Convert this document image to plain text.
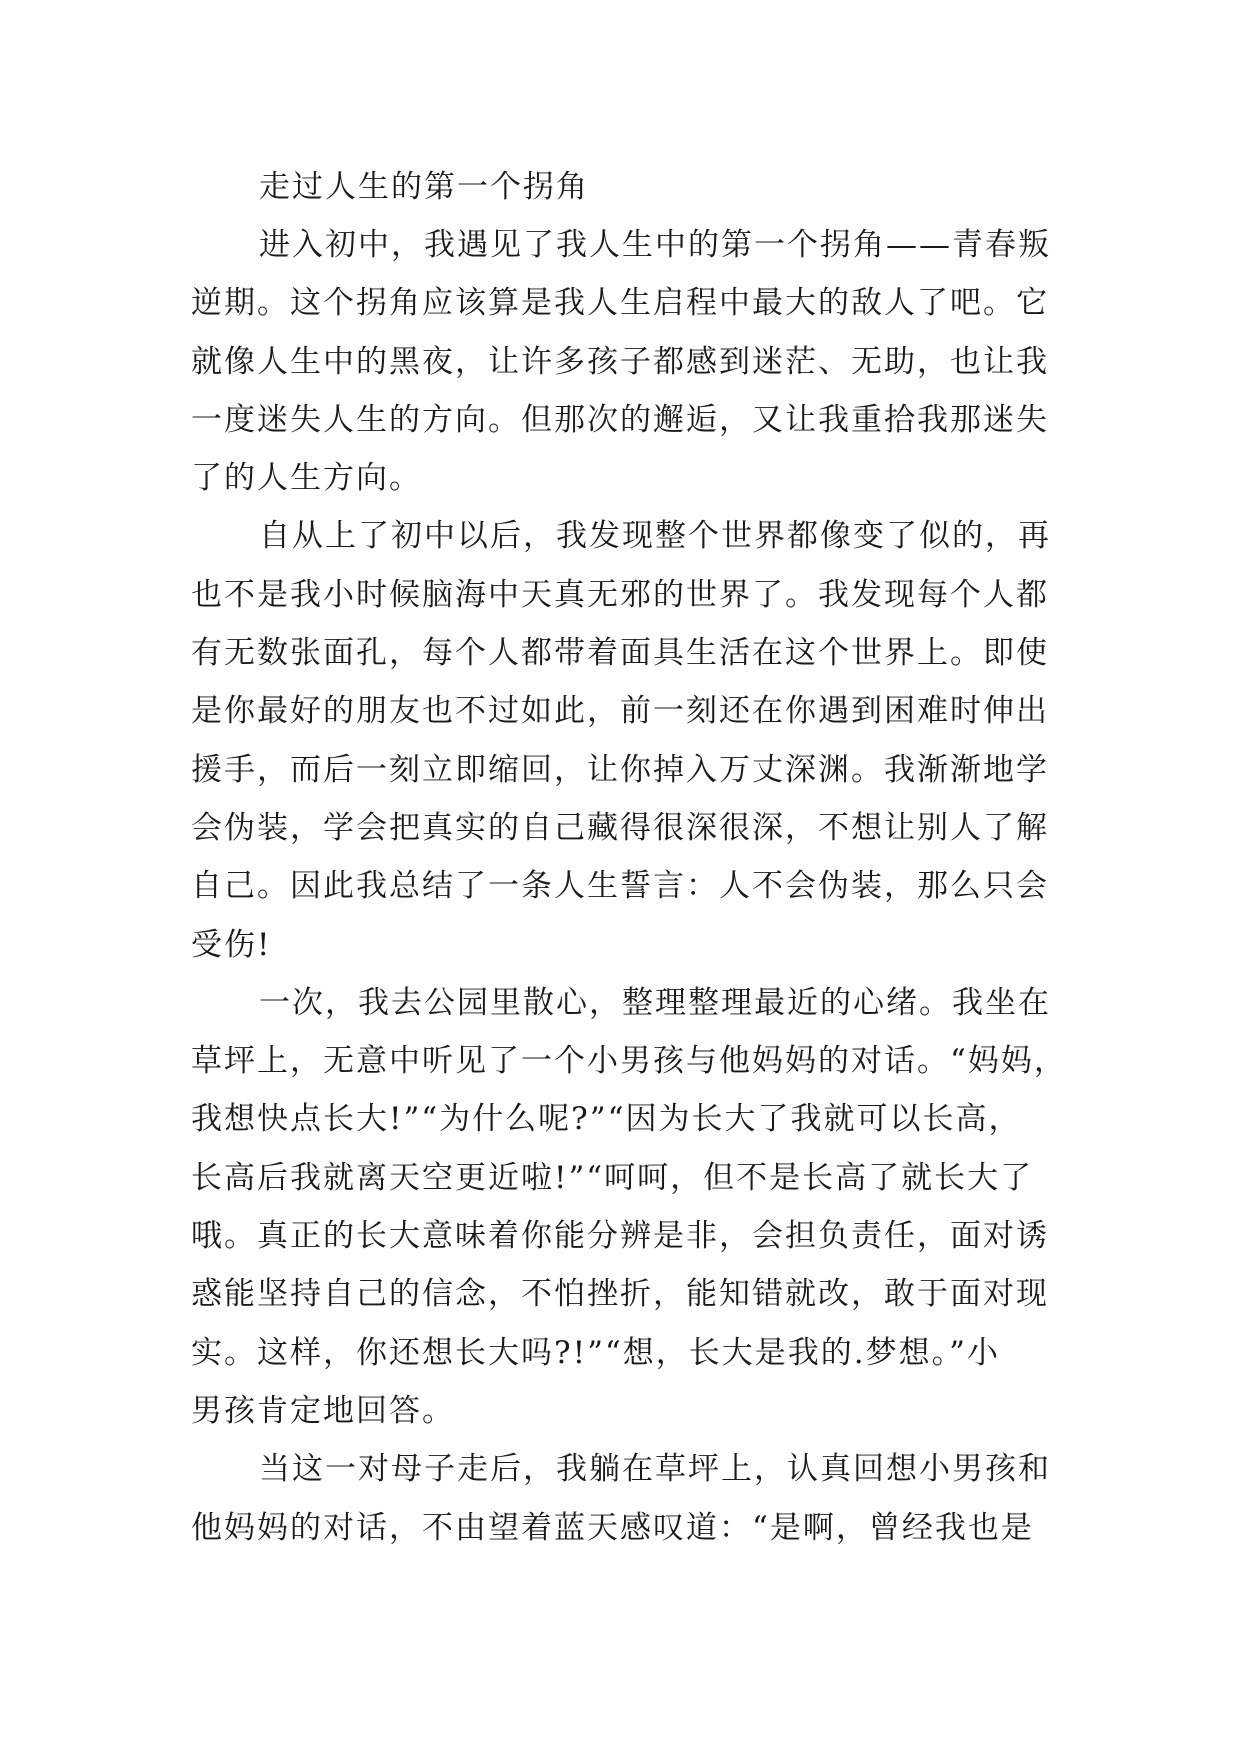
走过人生的第一个拐角
进入初中，我遇见了我人生中的第一个拐角——青春叛
逆期。这个拐角应该算是我人生启程中最大的敌人了吧。它
就像人生中的黑夜，让许多孩子都感到迷茫、无助，也让我
一度迷失人生的方向。但那次的邂逅，又让我重拾我那迷失
了的人生方向。
自从上了初中以后，我发现整个世界都像变了似的，再
也不是我小时候脑海中天真无邪的世界了。我发现每个人都
有无数张面孔，每个人都带着面具生活在这个世界上。即使
是你最好的朋友也不过如此，前一刻还在你遇到困难时伸出
援手，而后一刻立即缩回，让你掉入万丈深渊。我渐渐地学
会伪装，学会把真实的自己藏得很深很深，不想让别人了解
自己。因此我总结了一条人生誓言：人不会伪装，那么只会
受伤!
一次，我去公园里散心，整理整理最近的心绪。我坐在
草坪上，无意中听见了一个小男孩与他妈妈的对话。“妈妈，
我想快点长大!”“为什么呢?”“因为长大了我就可以长高，
长高后我就离天空更近啦!”“呵呵，但不是长高了就长大了
哦。真正的长大意味着你能分辨是非，会担负责任，面对诱
惑能坚持自己的信念，不怕挫折，能知错就改，敢于面对现
实。这样，你还想长大吗?!”“想，长大是我的.梦想。”小
男孩肯定地回答。
当这一对母子走后，我躺在草坪上，认真回想小男孩和
他妈妈的对话，不由望着蓝天感叹道：“是啊，曾经我也是
